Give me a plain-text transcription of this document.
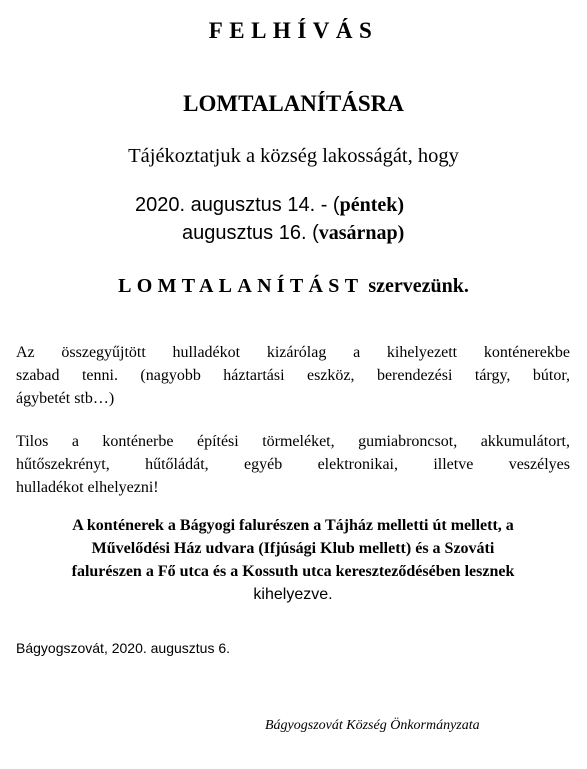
FELHÍVÁS
LOMTALANÍTÁSRA
Tájékoztatjuk a község lakosságát, hogy
2020. augusztus 14. - (péntek)
augusztus 16. (vasárnap)
LOMTALANÍTÁST szervezünk.
Az összegyűjtött hulladékot kizárólag a kihelyezett konténerekbe
szabad tenni. (nagyobb háztartási eszköz, berendezési tárgy, bútor,
ágybetét stb…)
Tilos a konténerbe építési törmeléket, gumiabroncsot, akkumulátort,
hűtőszekrényt, hűtőládát, egyéb elektronikai, illetve veszélyes
hulladékot elhelyezni!
A konténerek a Bágyogi falurészen a Tájház melletti út mellett, a
Művelődési Ház udvara (Ifjúsági Klub mellett) és a Szováti
falurészen a Fő utca és a Kossuth utca kereszteződésében lesznek
kihelyezve.
Bágyogszovát, 2020. augusztus 6.
Bágyogszovát Község Önkormányzata
